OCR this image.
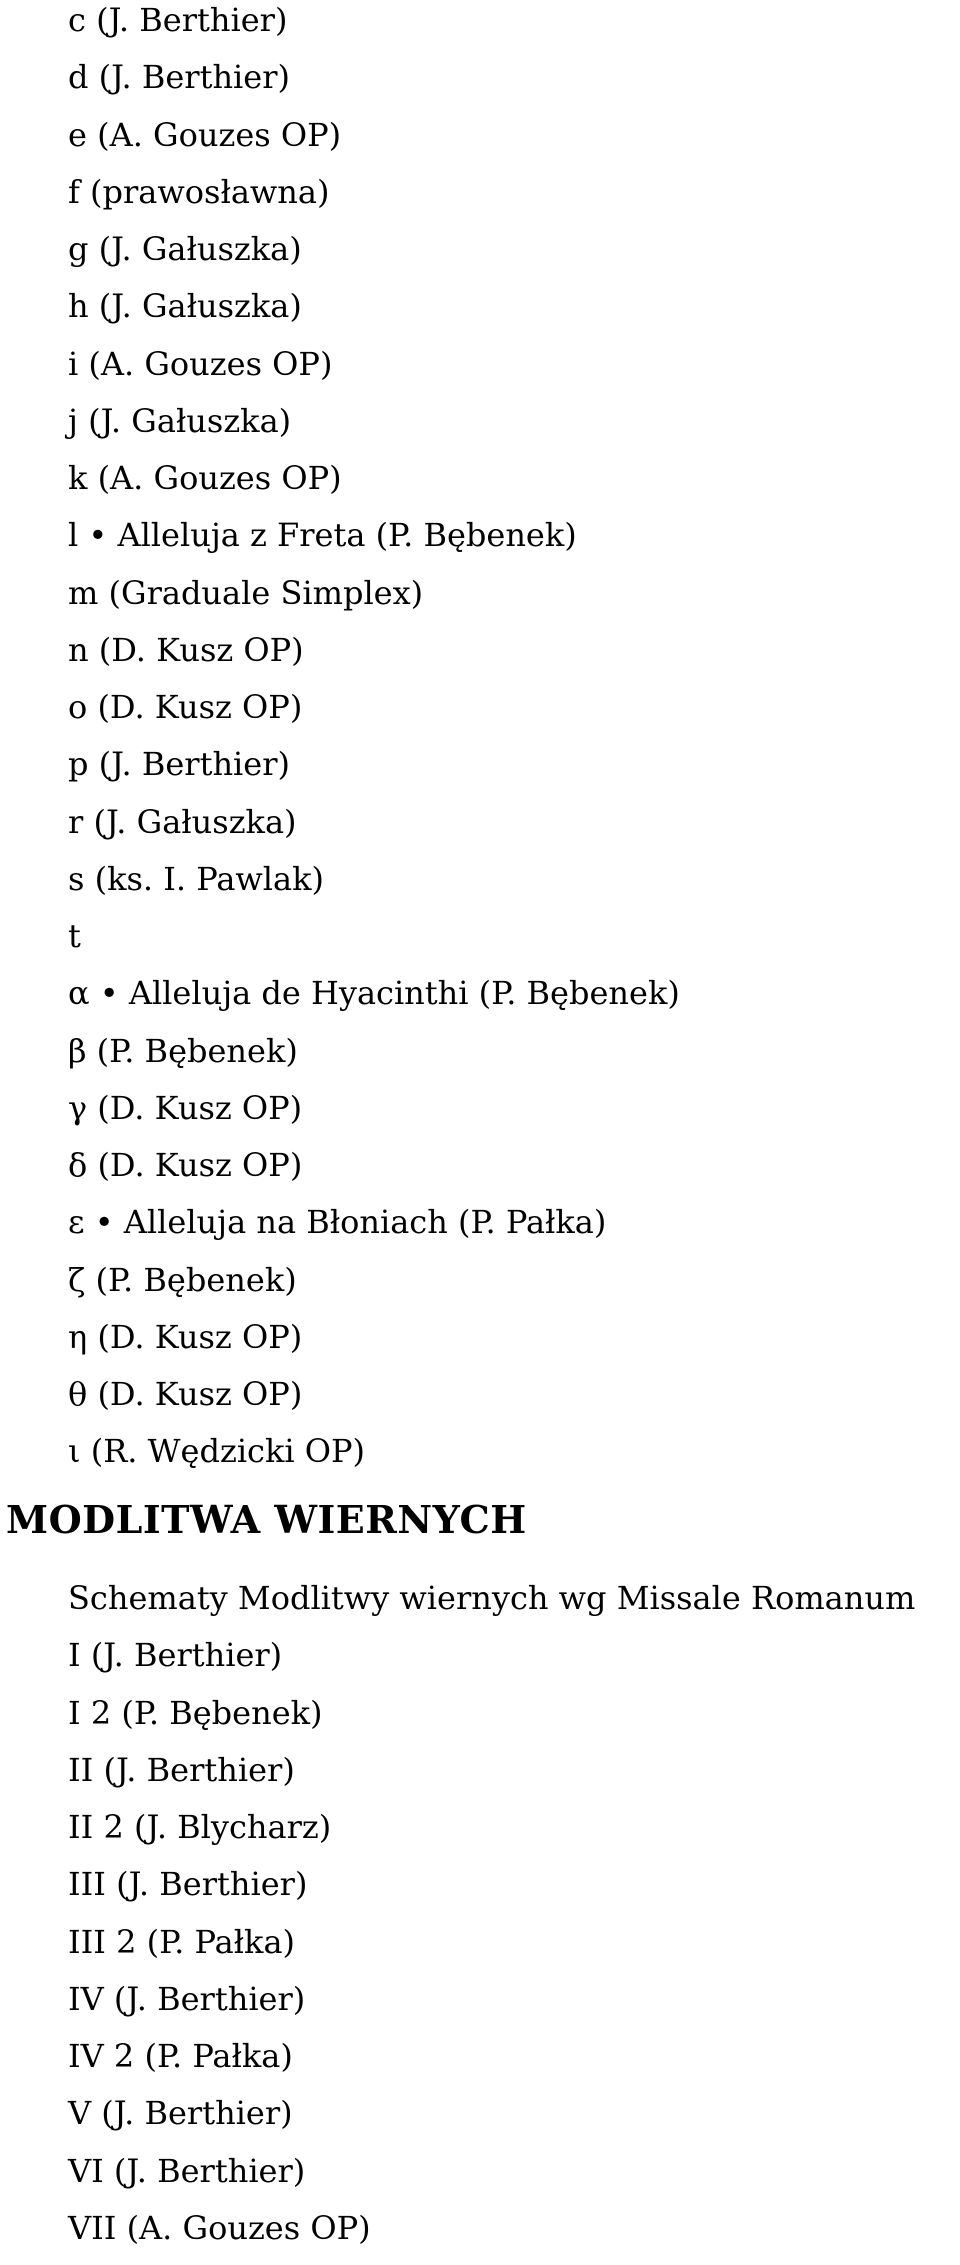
c (J. Berthier)
d (J. Berthier)
e (A. Gouzes OP)
f (prawosławna)
g (J. Gałuszka)
h (J. Gałuszka)
i (A. Gouzes OP)
j (J. Gałuszka)
k (A. Gouzes OP)
l • Alleluja z Freta (P. Bębenek)
m (Graduale Simplex)
n (D. Kusz OP)
o (D. Kusz OP)
p (J. Berthier)
r (J. Gałuszka)
s (ks. I. Pawlak)
t
α • Alleluja de Hyacinthi (P. Bębenek)
β (P. Bębenek)
γ (D. Kusz OP)
δ (D. Kusz OP)
ε • Alleluja na Błoniach (P. Pałka)
ζ (P. Bębenek)
η (D. Kusz OP)
θ (D. Kusz OP)
ι (R. Wędzicki OP)
MODLITWA WIERNYCH
Schematy Modlitwy wiernych wg Missale Romanum
I (J. Berthier)
I 2 (P. Bębenek)
II (J. Berthier)
II 2 (J. Blycharz)
III (J. Berthier)
III 2 (P. Pałka)
IV (J. Berthier)
IV 2 (P. Pałka)
V (J. Berthier)
VI (J. Berthier)
VII (A. Gouzes OP)
